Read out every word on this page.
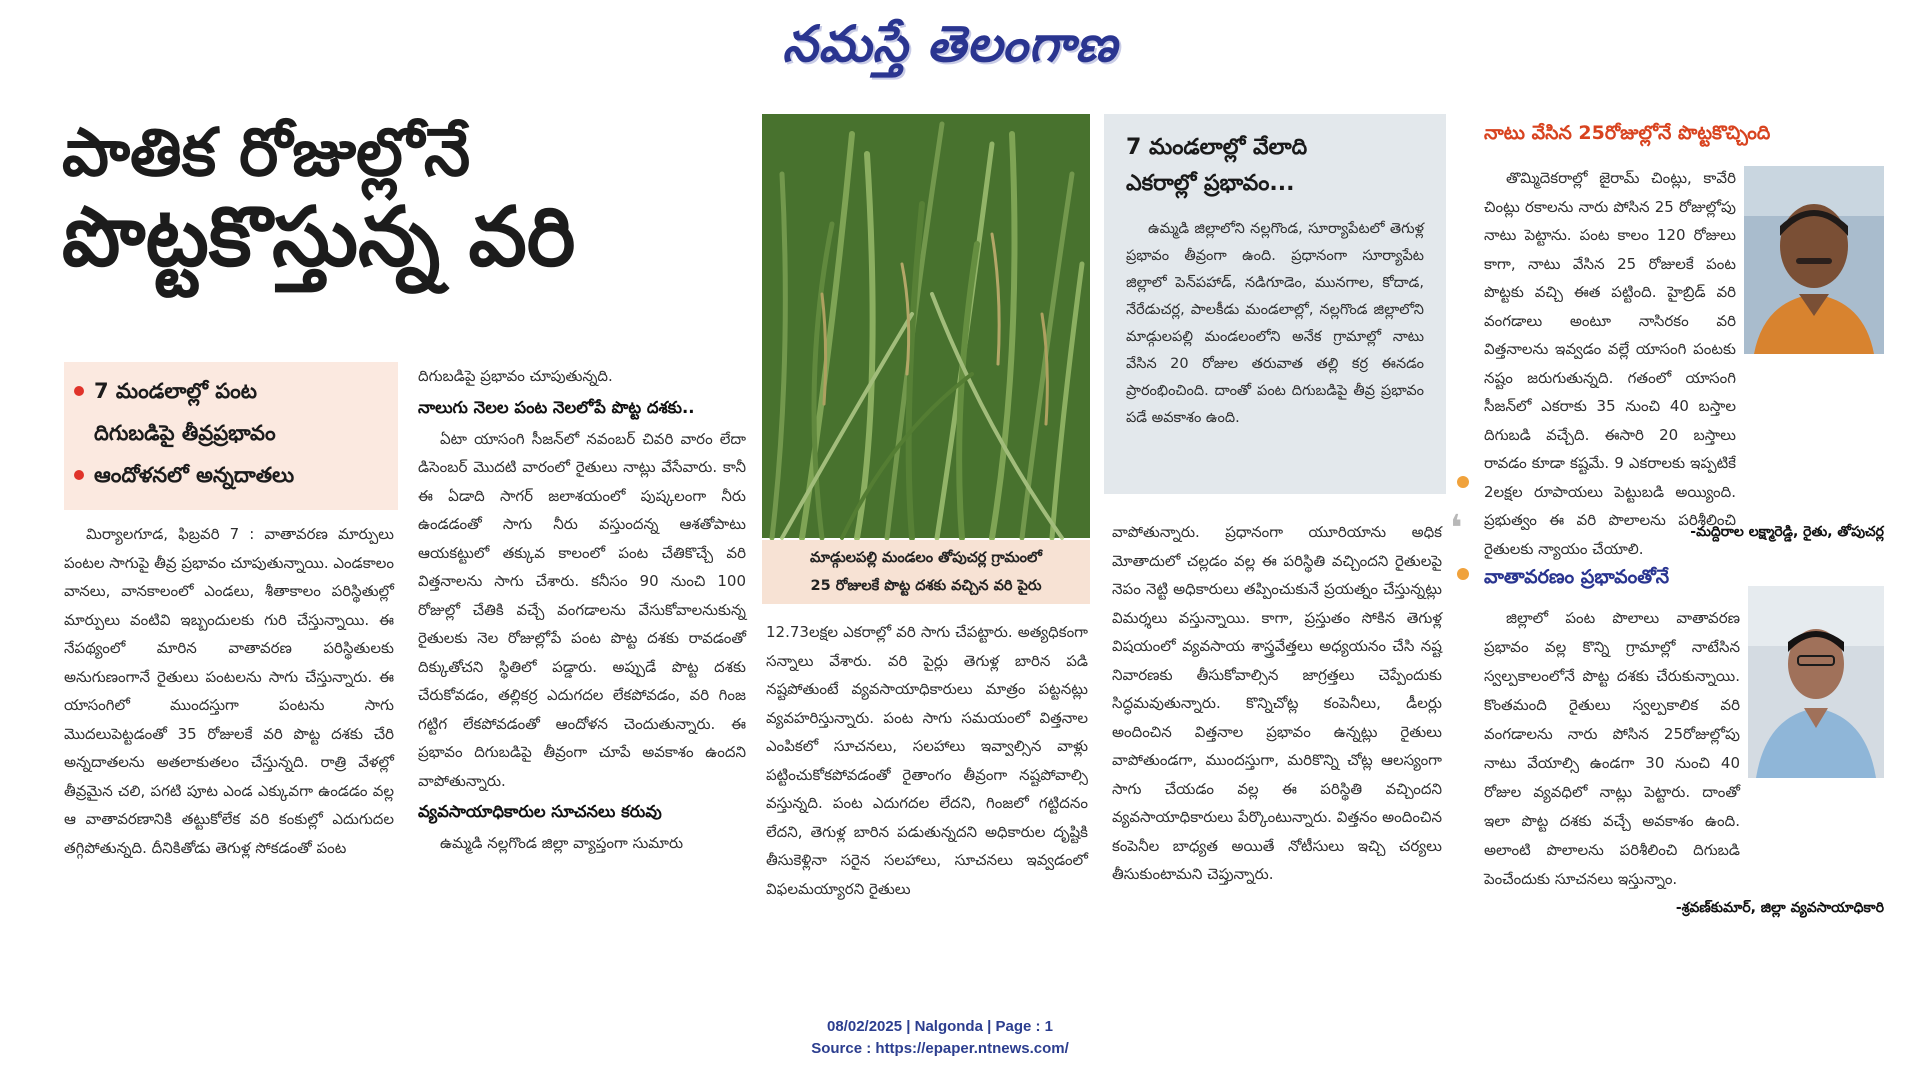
నమస్తే తెలంగాణ
పాతిక రోజుల్లోనే
పొట్టకొస్తున్న వరి
7 మండలాల్లో పంట
దిగుబడిపై తీవ్రప్రభావం
ఆందోళనలో అన్నదాతలు

మిర్యాలగూడ, ఫిబ్రవరి 7 : వాతావరణ మార్పులు పంటల సాగుపై తీవ్ర ప్రభావం చూపుతున్నాయి. ఎండకాలం వానలు, వానకాలంలో ఎండలు, శీతాకాలం పరిస్థితుల్లో మార్పులు వంటివి ఇబ్బందులకు గురి చేస్తున్నాయి. ఈ నేపథ్యంలో మారిన వాతావరణ పరిస్థితులకు అనుగుణంగానే రైతులు పంటలను సాగు చేస్తున్నారు. ఈ యాసంగిలో ముందస్తుగా పంటను సాగు మొదలుపెట్టడంతో 35 రోజులకే వరి పొట్ట దశకు చేరి అన్నదాతలను అతలాకుతలం చేస్తున్నది. రాత్రి వేళల్లో తీవ్రమైన చలి, పగటి పూట ఎండ ఎక్కువగా ఉండడం వల్ల ఆ వాతావరణానికి తట్టుకోలేక వరి కంకుల్లో ఎదుగుదల తగ్గిపోతున్నది. దీనికితోడు తెగుళ్ల సోకడంతో పంట

దిగుబడిపై ప్రభావం చూపుతున్నది.
నాలుగు నెలల పంట నెలలోపే పొట్ట దశకు..

ఏటా యాసంగి సీజన్‌లో నవంబర్ చివరి వారం లేదా డిసెంబర్ మొదటి వారంలో రైతులు నాట్లు వేసేవారు. కానీ ఈ ఏడాది సాగర్ జలాశయంలో పుష్కలంగా నీరు ఉండడంతో సాగు నీరు వస్తుందన్న ఆశతోపాటు ఆయకట్టులో తక్కువ కాలంలో పంట చేతికొచ్చే వరి విత్తనాలను సాగు చేశారు. కనీసం 90 నుంచి 100 రోజుల్లో చేతికి వచ్చే వంగడాలను వేసుకోవాలనుకున్న రైతులకు నెల రోజుల్లోపే పంట పొట్ట దశకు రావడంతో దిక్కుతోచని స్థితిలో పడ్డారు. అప్పుడే పొట్ట దశకు చేరుకోవడం, తల్లికర్ర ఎదుగదల లేకపోవడం, వరి గింజ గట్టిగ లేకపోవడంతో ఆందోళన చెందుతున్నారు. ఈ ప్రభావం దిగుబడిపై తీవ్రంగా చూపే అవకాశం ఉందని వాపోతున్నారు.

వ్యవసాయాధికారుల సూచనలు కరువు

ఉమ్మడి నల్లగొండ జిల్లా వ్యాప్తంగా సుమారు

మాడ్గులపల్లి మండలం తోపుచర్ల గ్రామంలో
25 రోజులకే పొట్ట దశకు వచ్చిన వరి పైరు

12.73లక్షల ఎకరాల్లో వరి సాగు చేపట్టారు. అత్యధికంగా సన్నాలు వేశారు. వరి పైర్లు తెగుళ్ల బారిన పడి నష్టపోతుంటే వ్యవసాయాధికారులు మాత్రం పట్టనట్లు వ్యవహరిస్తున్నారు. పంట సాగు సమయంలో విత్తనాల ఎంపికలో సూచనలు, సలహాలు ఇవ్వాల్సిన వాళ్లు పట్టించుకోకపోవడంతో రైతాంగం తీవ్రంగా నష్టపోవాల్సి వస్తున్నది. పంట ఎదుగదల లేదని, గింజలో గట్టిదనం లేదని, తెగుళ్ల బారిన పడుతున్నదని అధికారుల దృష్టికి తీసుకెళ్లినా సరైన సలహాలు, సూచనలు ఇవ్వడంలో విఫలమయ్యారని రైతులు

7 మండలాల్లో వేలాది
ఎకరాల్లో ప్రభావం...

ఉమ్మడి జిల్లాలోని నల్లగొండ, సూర్యాపేటలో తెగుళ్ల ప్రభావం తీవ్రంగా ఉంది. ప్రధానంగా సూర్యాపేట జిల్లాలో పెన్‌పహాడ్, నడిగూడెం, మునగాల, కోదాడ, నేరేడుచర్ల, పాలకీడు మండలాల్లో, నల్లగొండ జిల్లాలోని మాడ్గులపల్లి మండలంలోని అనేక గ్రామాల్లో నాటు వేసిన 20 రోజుల తరువాత తల్లి కర్ర ఈనడం ప్రారంభించింది. దాంతో పంట దిగుబడిపై తీవ్ర ప్రభావం పడే అవకాశం ఉంది.

వాపోతున్నారు. ప్రధానంగా యూరియాను అధిక మోతాదులో చల్లడం వల్ల ఈ పరిస్థితి వచ్చిందని రైతులపై నెపం నెట్టి అధికారులు తప్పించుకునే ప్రయత్నం చేస్తున్నట్లు విమర్శలు వస్తున్నాయి. కాగా, ప్రస్తుతం సోకిన తెగుళ్ల విషయంలో వ్యవసాయ శాస్త్రవేత్తలు అధ్యయనం చేసి నష్ట నివారణకు తీసుకోవాల్సిన జాగ్రత్తలు చెప్పేందుకు సిద్ధమవుతున్నారు. కొన్నిచోట్ల కంపెనీలు, డీలర్లు అందించిన విత్తనాల ప్రభావం ఉన్నట్లు రైతులు వాపోతుండగా, ముందస్తుగా, మరికొన్ని చోట్ల ఆలస్యంగా సాగు చేయడం వల్ల ఈ పరిస్థితి వచ్చిందని వ్యవసాయాధికారులు పేర్కొంటున్నారు. విత్తనం అందించిన కంపెనీల బాధ్యత అయితే నోటీసులు ఇచ్చి చర్యలు తీసుకుంటామని చెప్తున్నారు.

❛
నాటు వేసిన 25రోజుల్లోనే పొట్టకొచ్చింది

తొమ్మిదెకరాల్లో జైరామ్ చింట్లు, కావేరి చింట్లు రకాలను నారు పోసిన 25 రోజుల్లోపు నాటు పెట్టాను. పంట కాలం 120 రోజులు కాగా, నాటు వేసిన 25 రోజులకే పంట పొట్టకు వచ్చి ఈత పట్టింది. హైబ్రిడ్ వరి వంగడాలు అంటూ నాసిరకం వరి విత్తనాలను ఇవ్వడం వల్లే యాసంగి పంటకు నష్టం జరుగుతున్నది. గతంలో యాసంగి సీజన్‌లో ఎకరాకు 35 నుంచి 40 బస్తాల దిగుబడి వచ్చేది. ఈసారి 20 బస్తాలు రావడం కూడా కష్టమే. 9 ఎకరాలకు ఇప్పటికే 2లక్షల రూపాయలు పెట్టుబడి అయ్యింది. ప్రభుత్వం ఈ వరి పొలాలను పరిశీలించి రైతులకు న్యాయం చేయాలి.

-మద్దిరాల లక్ష్మారెడ్డి, రైతు, తోపుచర్ల
వాతావరణం ప్రభావంతోనే

జిల్లాలో పంట పొలాలు వాతావరణ ప్రభావం వల్ల కొన్ని గ్రామాల్లో నాటేసిన స్వల్పకాలంలోనే పొట్ట దశకు చేరుకున్నాయి. కొంతమంది రైతులు స్వల్పకాలిక వరి వంగడాలను నారు పోసిన 25రోజుల్లోపు నాటు వేయాల్సి ఉండగా 30 నుంచి 40 రోజుల వ్యవధిలో నాట్లు పెట్టారు. దాంతో ఇలా పొట్ట దశకు వచ్చే అవకాశం ఉంది. అలాంటి పొలాలను పరిశీలించి దిగుబడి పెంచేందుకు సూచనలు ఇస్తున్నాం.

-శ్రవణ్‌కుమార్, జిల్లా వ్యవసాయాధికారి
08/02/2025 | Nalgonda | Page : 1
Source : https://epaper.ntnews.com/
